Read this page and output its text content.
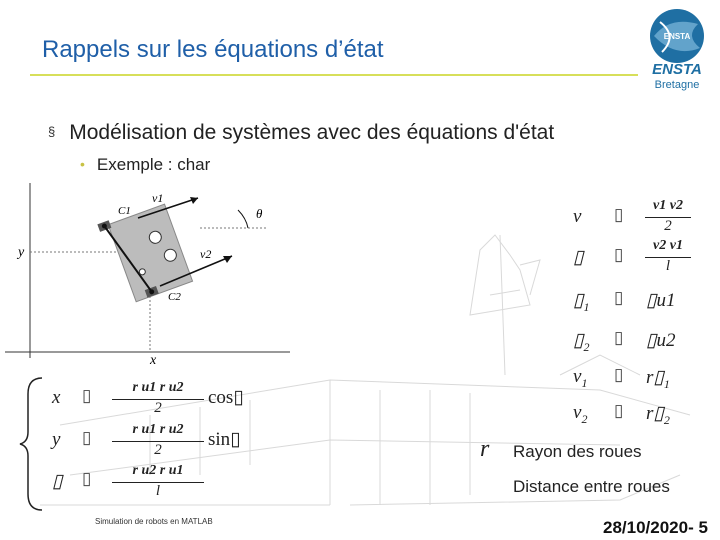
Rappels sur les équations d’état	ENSTA
ENSTA
Bretagne
§ Modélisation de systèmes avec des équations d'état
• Exemple : char
y
x
v1
v2
θ
C1
C2
v ▯	v1 v2
2
▯ ▯	v2 v1
l
$▯_1$ ▯ ▯u1
$▯_2$ ▯ ▯u2
$v_1$ ▯ $r▯_1$
$v_2$ ▯ $r▯_2$
x ▯	r u1 r u2
2	cos▯
y ▯	r u1 r u2
2	sin▯
▯ ▯	r u2 r u1
l
r Rayon des roues
Distance entre roues
Simulation de robots en MATLAB	28/10/2020- 5
